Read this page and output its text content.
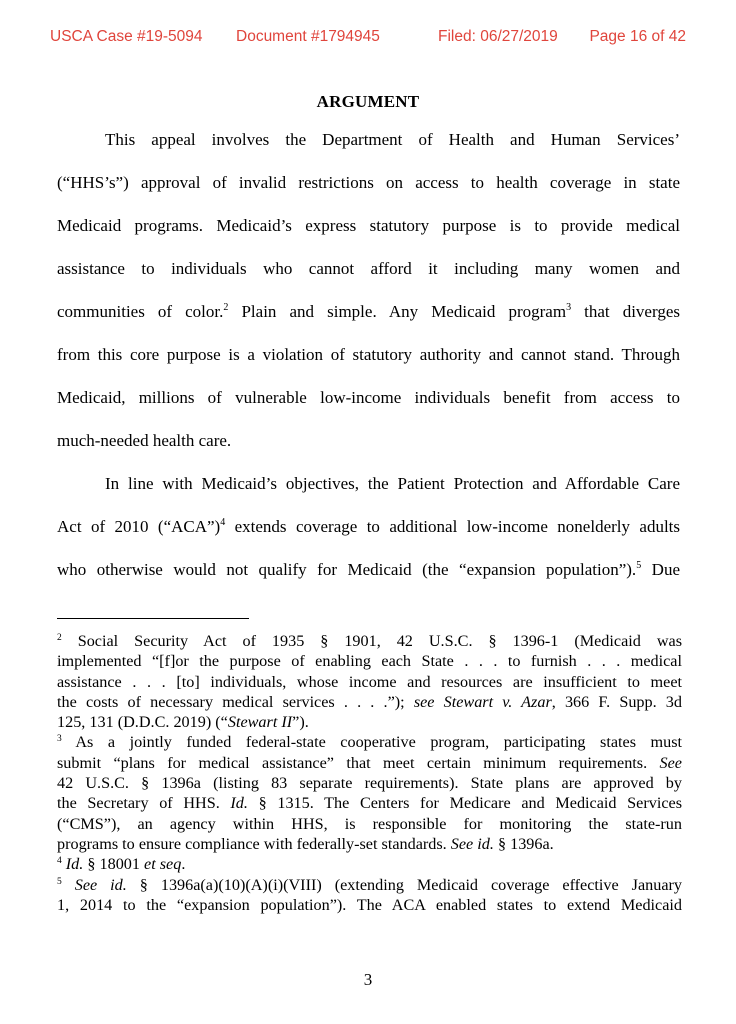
USCA Case #19-5094 Document #1794945	Filed: 06/27/2019 Page 16 of 42
ARGUMENT
This appeal involves the Department of Health and Human Services’
(“HHS’s”) approval of invalid restrictions on access to health coverage in state
Medicaid programs. Medicaid’s express statutory purpose is to provide medical
assistance to individuals who cannot afford it including many women and
communities of color.$^2$ Plain and simple. Any Medicaid program$^3$ that diverges
from this core purpose is a violation of statutory authority and cannot stand. Through
Medicaid, millions of vulnerable low-income individuals benefit from access to
much-needed health care.
In line with Medicaid’s objectives, the Patient Protection and Affordable Care
Act of 2010 (“ACA”)$^4$ extends coverage to additional low-income nonelderly adults
who otherwise would not qualify for Medicaid (the “expansion population”).$^5$ Due
$^2$ Social Security Act of 1935 § 1901, 42 U.S.C. § 1396-1 (Medicaid was
implemented “[f]or the purpose of enabling each State . . . to furnish . . . medical
assistance . . . [to] individuals, whose income and resources are insufficient to meet
the costs of necessary medical services . . . .”); see Stewart v. Azar, 366 F. Supp. 3d
125, 131 (D.D.C. 2019) (“Stewart II”).
$^3$ As a jointly funded federal-state cooperative program, participating states must
submit “plans for medical assistance” that meet certain minimum requirements. See
42 U.S.C. § 1396a (listing 83 separate requirements). State plans are approved by
the Secretary of HHS. Id. § 1315. The Centers for Medicare and Medicaid Services
(“CMS”), an agency within HHS, is responsible for monitoring the state-run
programs to ensure compliance with federally-set standards. See id. § 1396a.
$^4$ Id. § 18001 et seq.
$^5$ See id. § 1396a(a)(10)(A)(i)(VIII) (extending Medicaid coverage effective January
1, 2014 to the “expansion population”). The ACA enabled states to extend Medicaid
3
